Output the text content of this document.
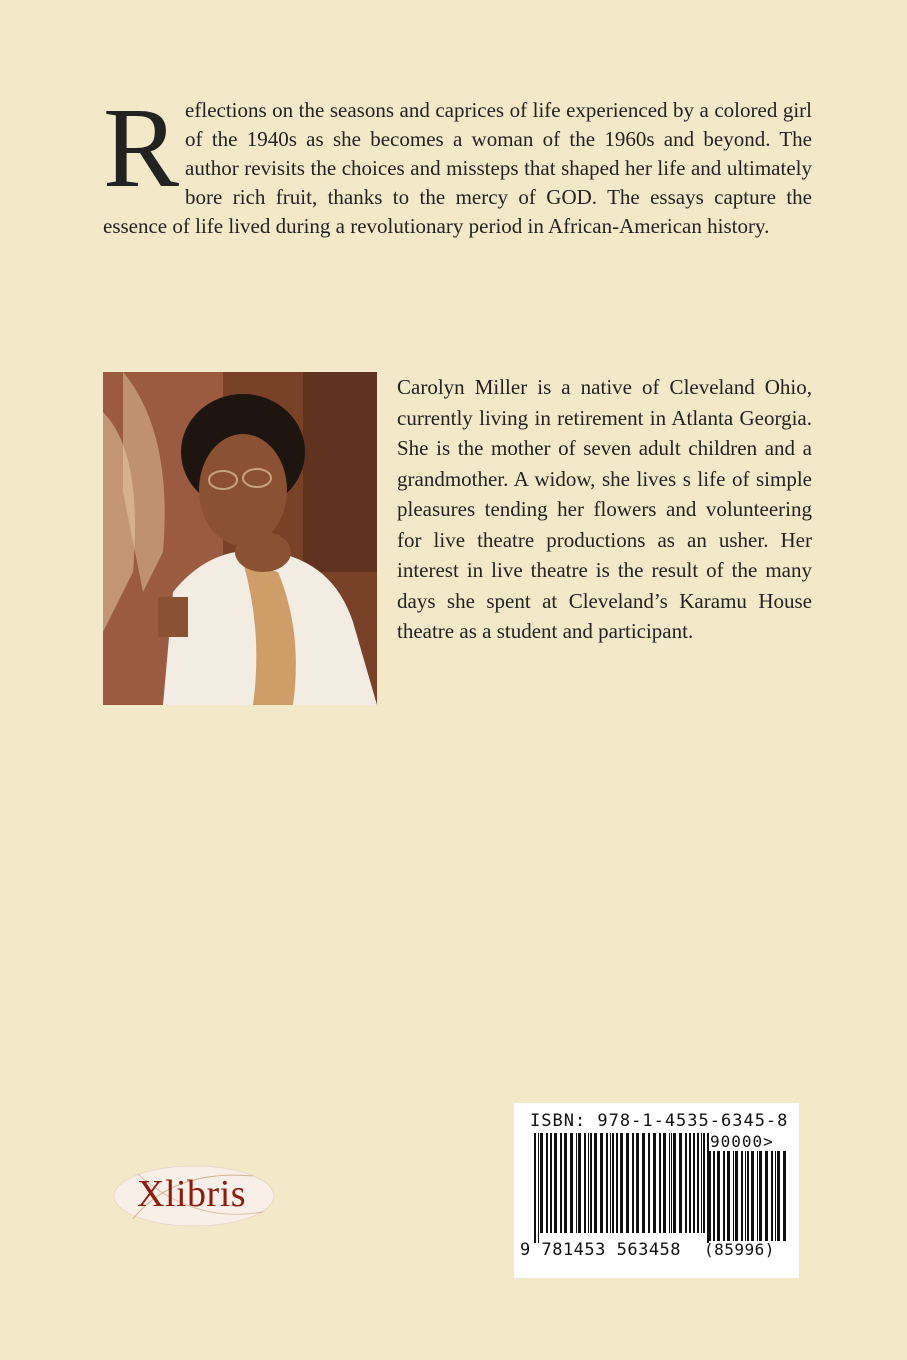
Reflections on the seasons and caprices of life experienced by a colored girl of the 1940s as she becomes a woman of the 1960s and beyond. The author revisits the choices and missteps that shaped her life and ultimately bore rich fruit, thanks to the mercy of GOD. The essays capture the essence of life lived during a revolutionary period in African-American history.

Carolyn Miller is a native of Cleveland Ohio, currently living in retirement in Atlanta Georgia. She is the mother of seven adult children and a grandmother. A widow, she lives s life of simple pleasures tending her flowers and volunteering for live theatre productions as an usher. Her interest in live theatre is the result of the many days she spent at Cleveland’s Karamu House theatre as a student and participant.

Xlibris
ISBN: 978-1-4535-6345-8
90000>
9 781453 563458 (85996)
